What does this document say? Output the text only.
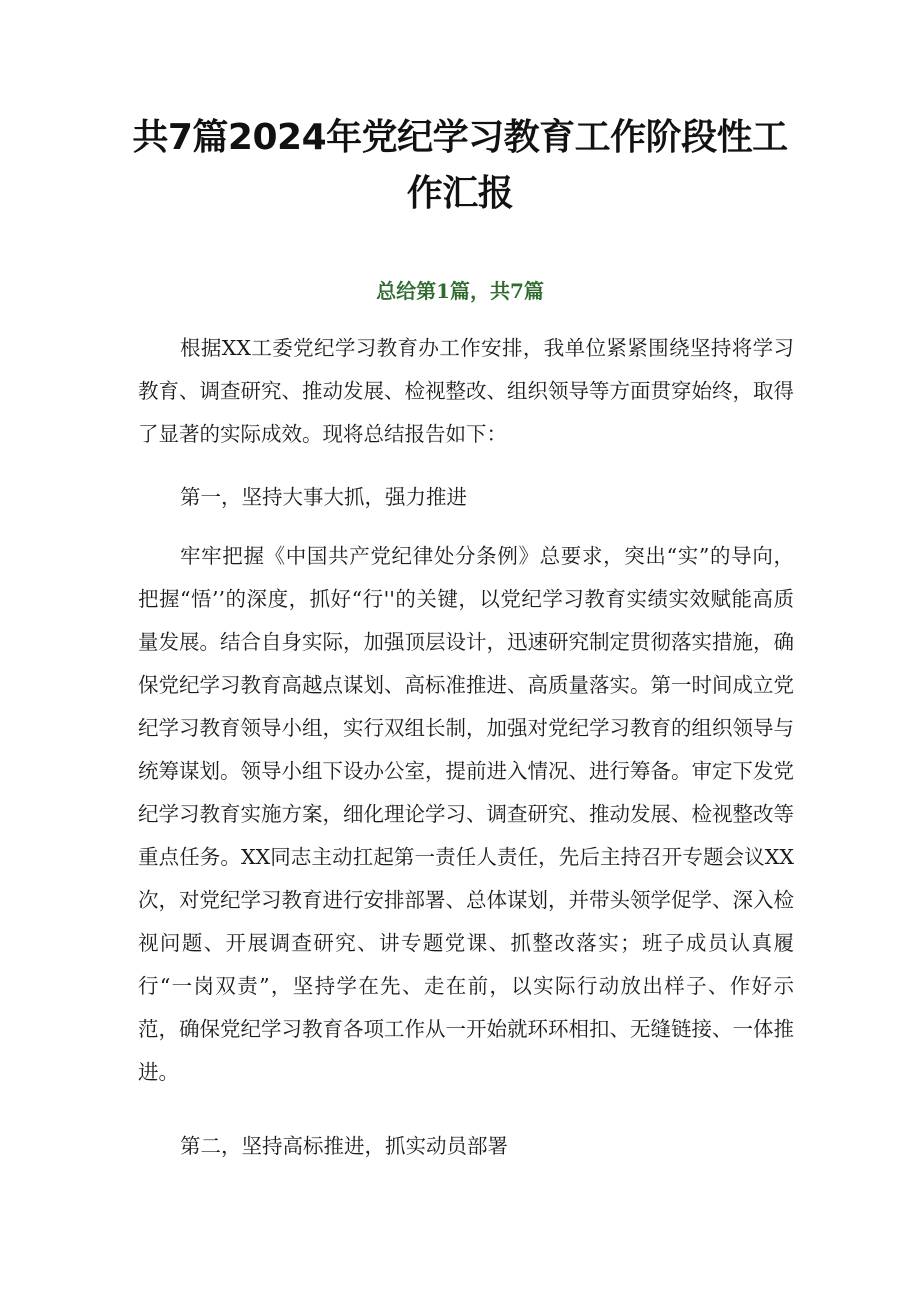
共7篇2024年党纪学习教育工作阶段性工作汇报
总给第1篇，共7篇

根据XX工委党纪学习教育办工作安排，我单位紧紧围绕坚持将学习教育、调查研究、推动发展、检视整改、组织领导等方面贯穿始终，取得了显著的实际成效。现将总结报告如下：

第一，坚持大事大抓，强力推进

牢牢把握《中国共产党纪律处分条例》总要求，突出“实”的导向，把握“悟’’的深度，抓好“行''的关键，以党纪学习教育实绩实效赋能高质量发展。结合自身实际，加强顶层设计，迅速研究制定贯彻落实措施，确保党纪学习教育高越点谋划、高标准推进、高质量落实。第一时间成立党纪学习教育领导小组，实行双组长制，加强对党纪学习教育的组织领导与统筹谋划。领导小组下设办公室，提前进入情况、进行筹备。审定下发党纪学习教育实施方案，细化理论学习、调查研究、推动发展、检视整改等重点任务。XX同志主动扛起第一责任人责任，先后主持召开专题会议XX次，对党纪学习教育进行安排部署、总体谋划，并带头领学促学、深入检视问题、开展调查研究、讲专题党课、抓整改落实；班子成员认真履行“一岗双责”，坚持学在先、走在前，以实际行动放出样子、作好示范，确保党纪学习教育各项工作从一开始就环环相扣、无缝链接、一体推进。

第二，坚持高标推进，抓实动员部署
